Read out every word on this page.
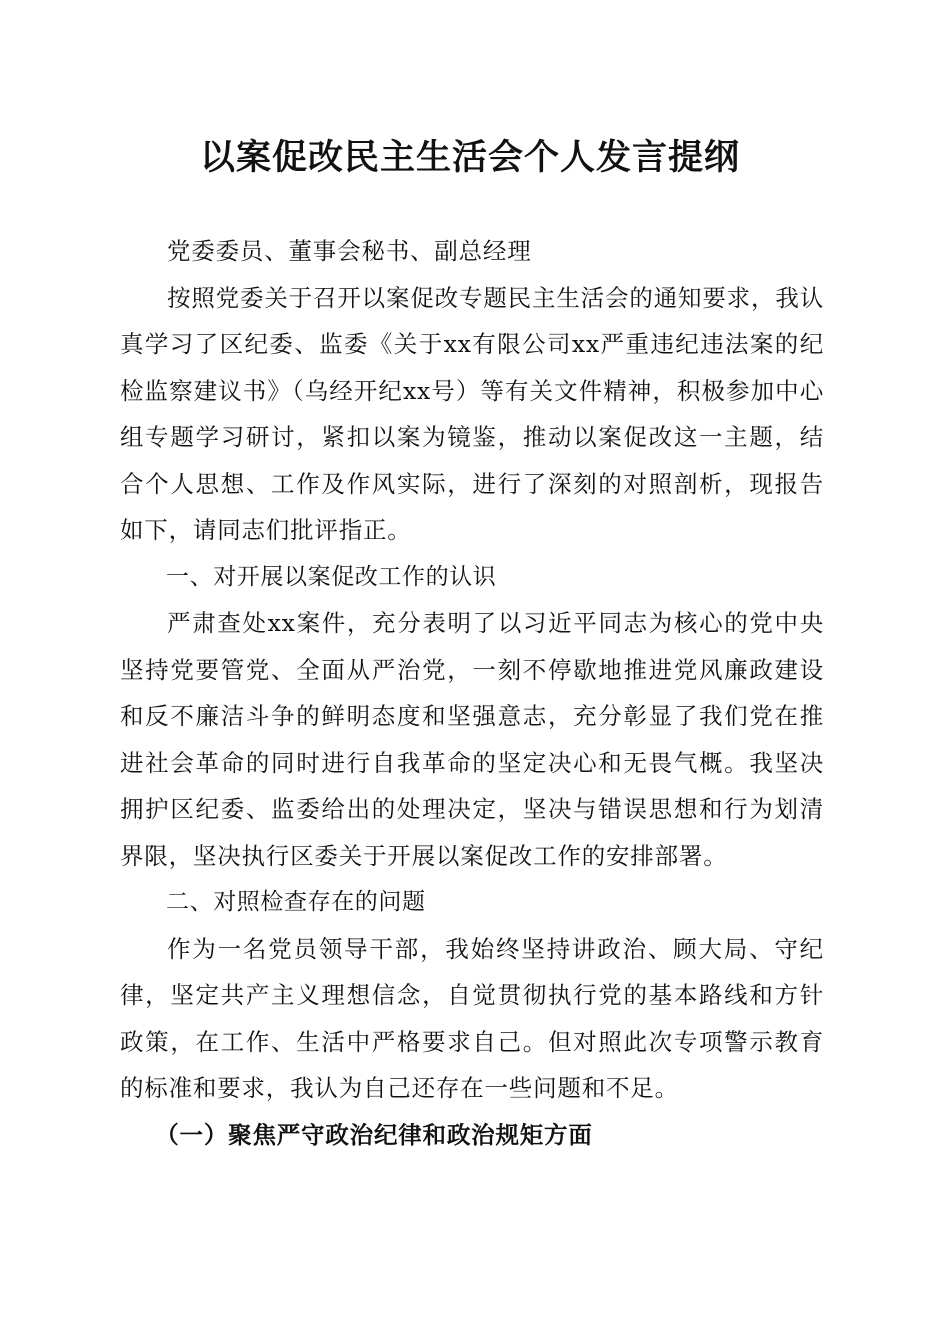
以案促改民主生活会个人发言提纲

党委委员、董事会秘书、副总经理

按照党委关于召开以案促改专题民主生活会的通知要求，我认真学习了区纪委、监委《关于xx有限公司xx严重违纪违法案的纪检监察建议书》（乌经开纪xx号）等有关文件精神，积极参加中心组专题学习研讨，紧扣以案为镜鉴，推动以案促改这一主题，结合个人思想、工作及作风实际，进行了深刻的对照剖析，现报告如下，请同志们批评指正。

一、对开展以案促改工作的认识

严肃查处xx案件，充分表明了以习近平同志为核心的党中央坚持党要管党、全面从严治党，一刻不停歇地推进党风廉政建设和反不廉洁斗争的鲜明态度和坚强意志，充分彰显了我们党在推进社会革命的同时进行自我革命的坚定决心和无畏气概。我坚决拥护区纪委、监委给出的处理决定，坚决与错误思想和行为划清界限，坚决执行区委关于开展以案促改工作的安排部署。

二、对照检查存在的问题

作为一名党员领导干部，我始终坚持讲政治、顾大局、守纪律，坚定共产主义理想信念，自觉贯彻执行党的基本路线和方针政策，在工作、生活中严格要求自己。但对照此次专项警示教育的标准和要求，我认为自己还存在一些问题和不足。

（一）聚焦严守政治纪律和政治规矩方面
